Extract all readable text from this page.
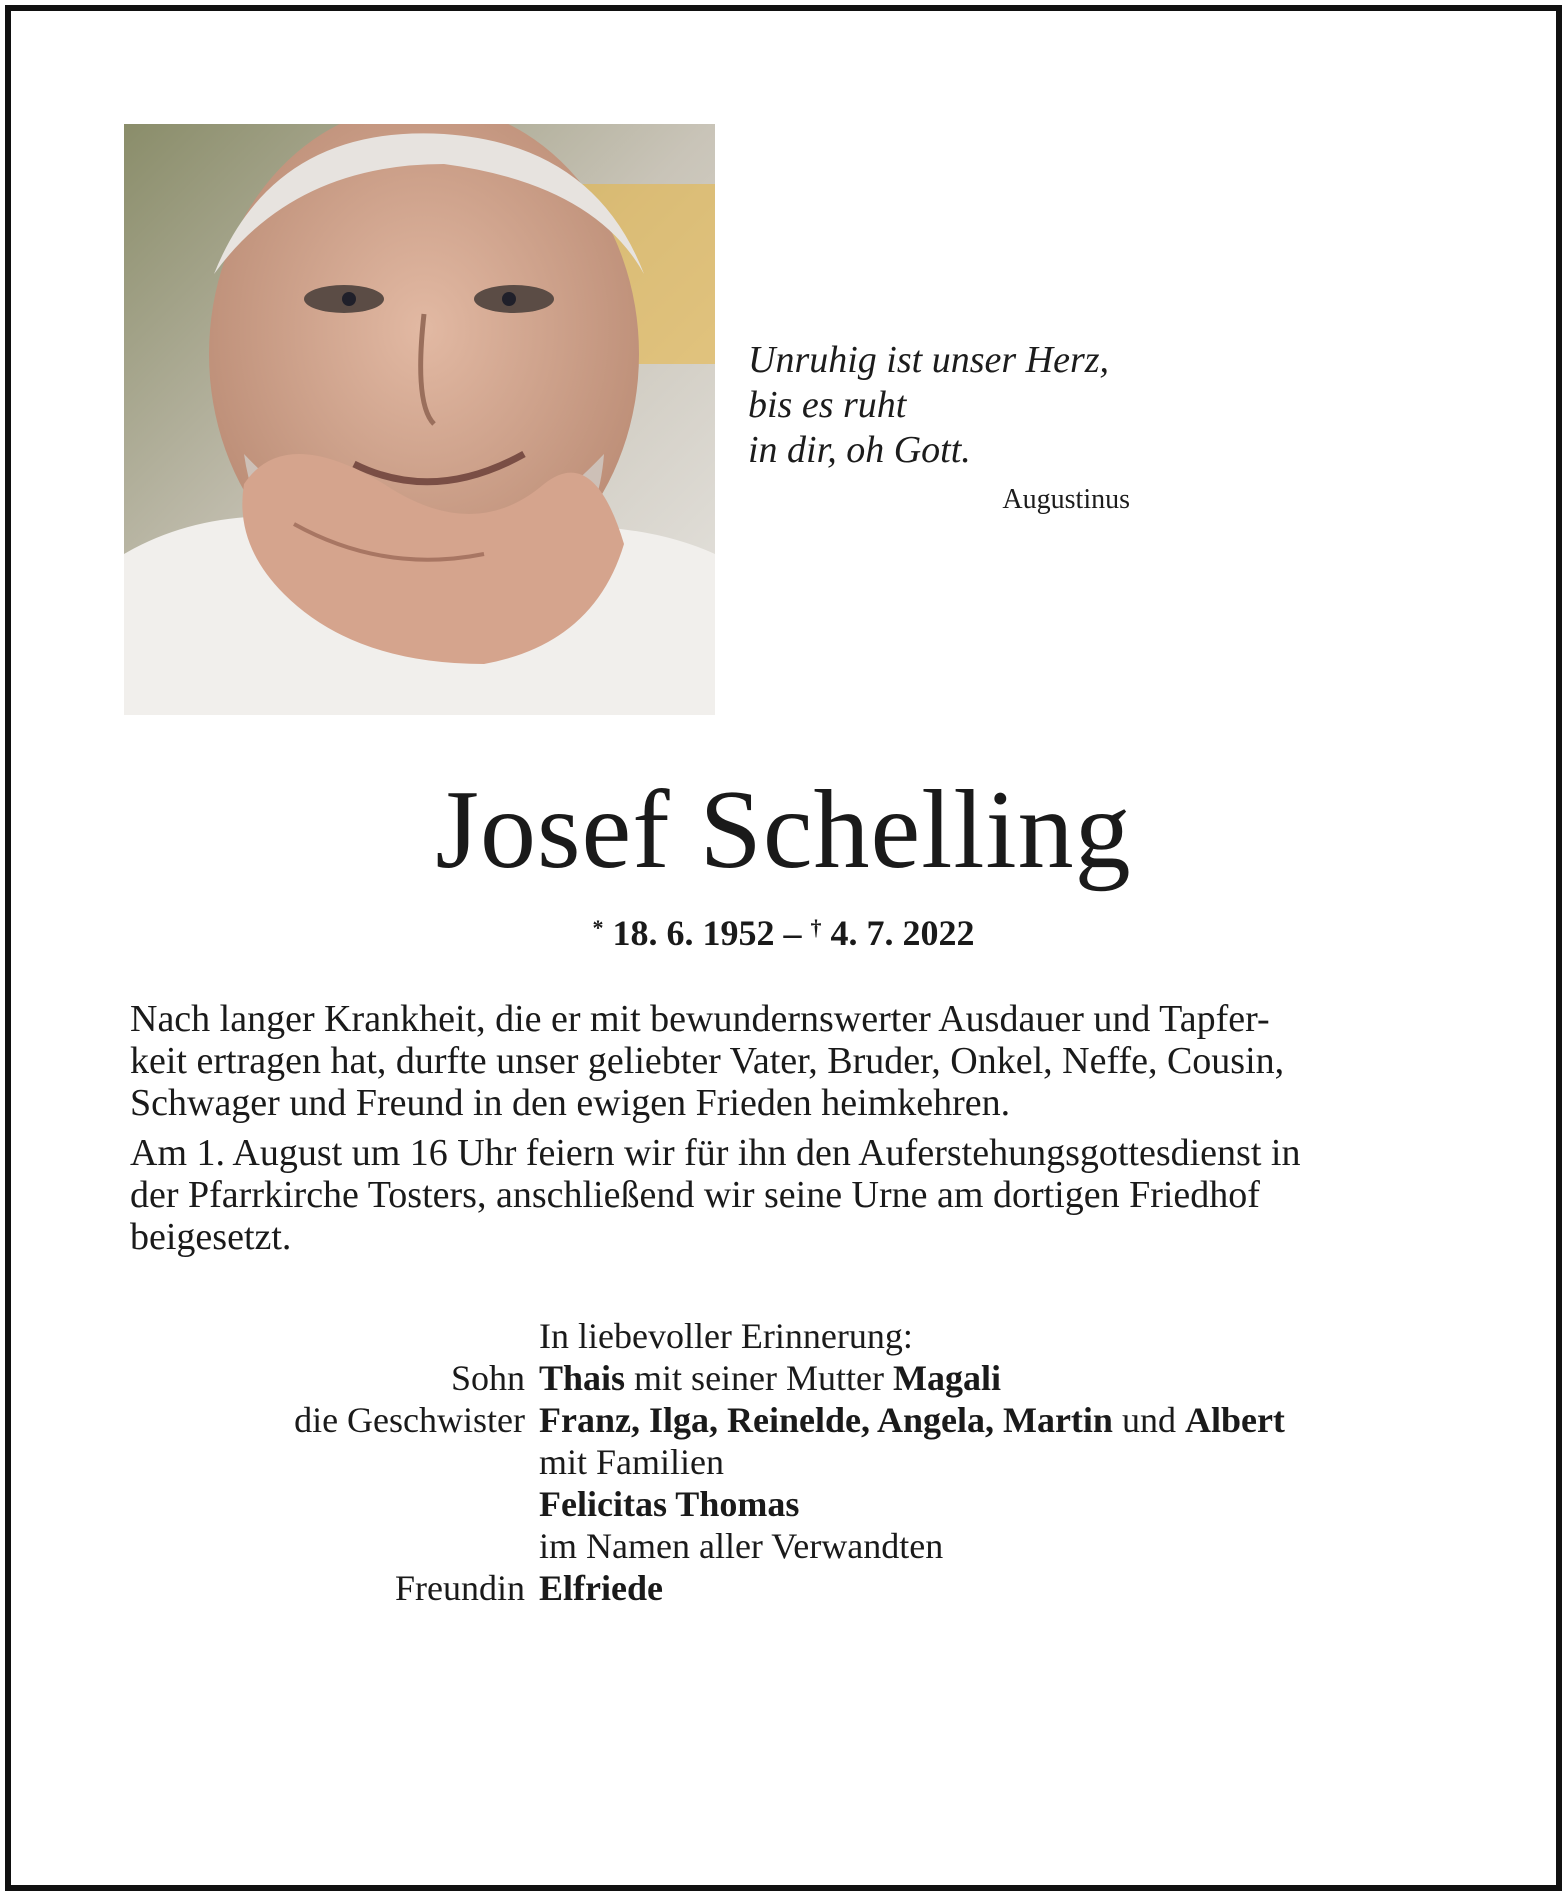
Unruhig ist unser Herz,
bis es ruht
in dir, oh Gott.
Augustinus
Josef Schelling
* 18. 6. 1952 – † 4. 7. 2022
Nach langer Krankheit, die er mit bewundernswerter Ausdauer und Tapfer-
keit ertragen hat, durfte unser geliebter Vater, Bruder, Onkel, Neffe, Cousin,
Schwager und Freund in den ewigen Frieden heimkehren.
Am 1. August um 16 Uhr feiern wir für ihn den Auferstehungsgottesdienst in
der Pfarrkirche Tosters, anschließend wir seine Urne am dortigen Friedhof
beigesetzt.
In liebevoller Erinnerung:
Sohn Thais mit seiner Mutter Magali
die Geschwister Franz, Ilga, Reinelde, Angela, Martin und Albert
mit Familien
Felicitas Thomas
im Namen aller Verwandten
Freundin Elfriede
